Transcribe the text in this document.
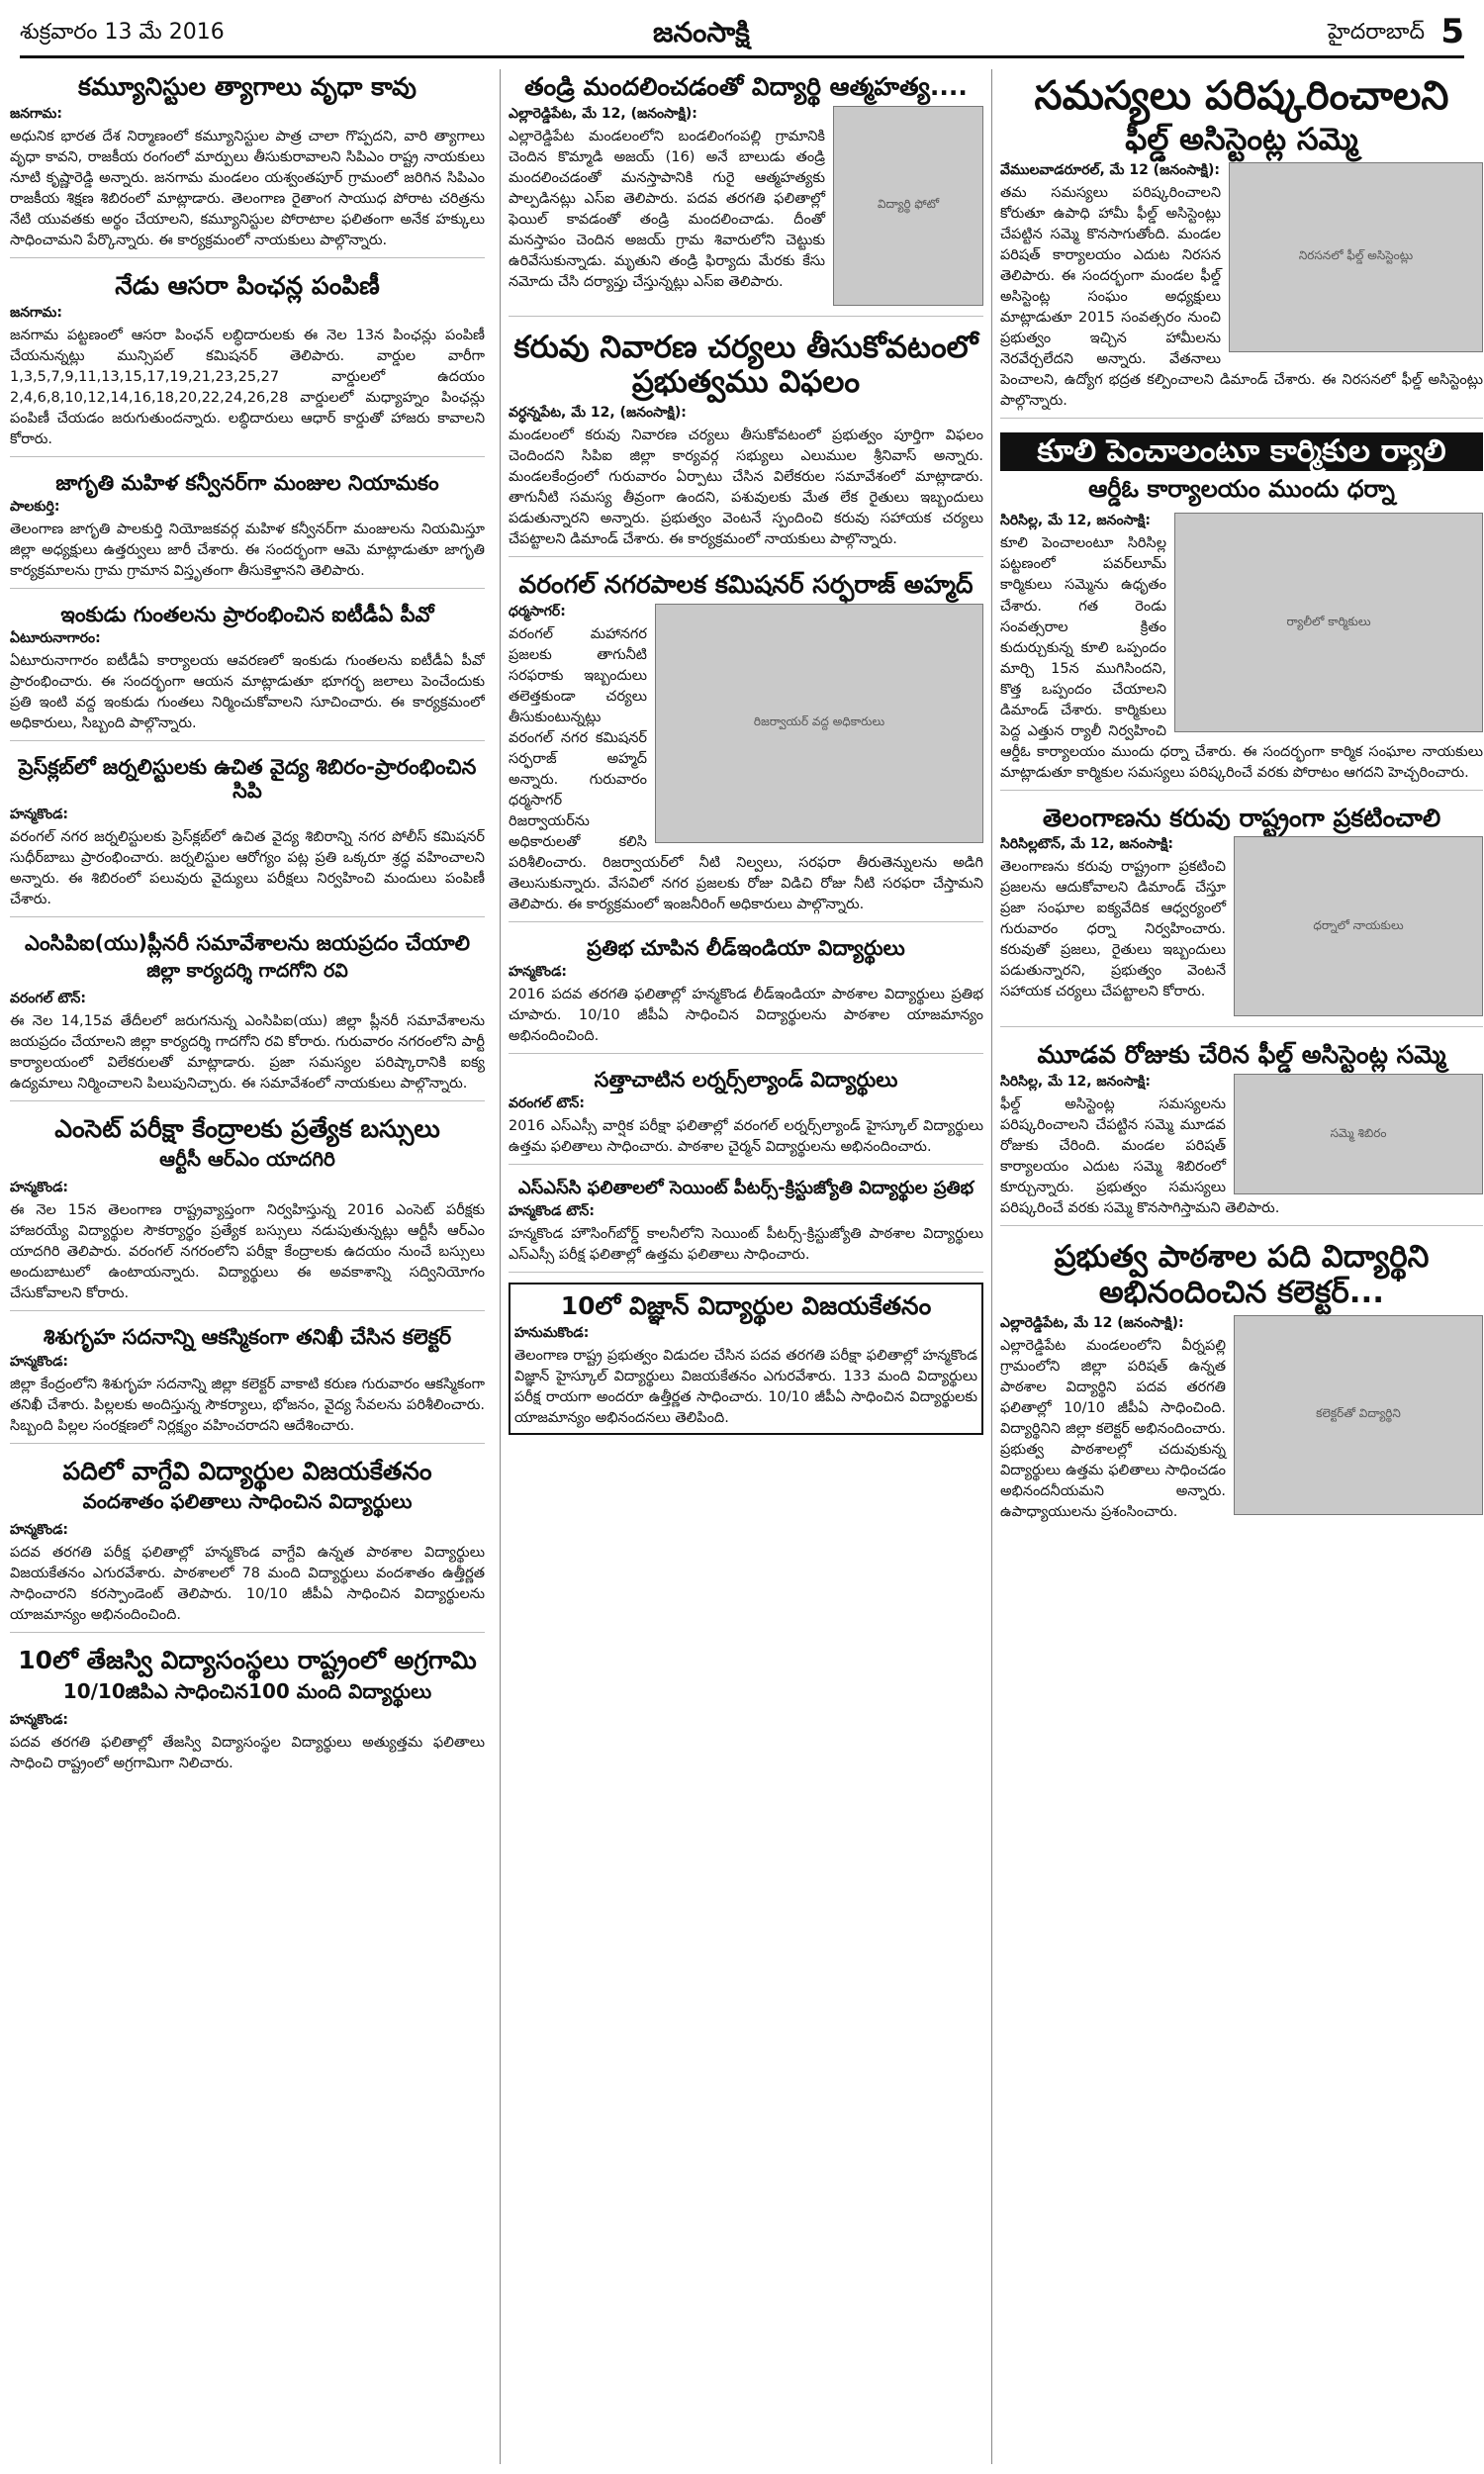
శుక్రవారం 13 మే 2016	జనంసాక్షి	హైదరాబాద్ 5
కమ్యూనిస్టుల త్యాగాలు వృధా కావు

జనగామ:

అధునిక భారత దేశ నిర్మాణంలో కమ్యూనిస్టుల పాత్ర చాలా గొప్పదని, వారి త్యాగాలు వృధా కావని, రాజకీయ రంగంలో మార్పులు తీసుకురావాలని సిపిఎం రాష్ట్ర నాయకులు నూటి కృష్ణారెడ్డి అన్నారు. జనగామ మండలం యశ్వంతపూర్ గ్రామంలో జరిగిన సిపిఎం రాజకీయ శిక్షణ శిబిరంలో మాట్లాడారు. తెలంగాణ రైతాంగ సాయుధ పోరాట చరిత్రను నేటి యువతకు అర్థం చేయాలని, కమ్యూనిస్టుల పోరాటాల ఫలితంగా అనేక హక్కులు సాధించామని పేర్కొన్నారు. ఈ కార్యక్రమంలో నాయకులు పాల్గొన్నారు.

నేడు ఆసరా పింఛన్ల పంపిణీ

జనగామ:

జనగామ పట్టణంలో ఆసరా పింఛన్ లబ్ధిదారులకు ఈ నెల 13న పింఛన్లు పంపిణీ చేయనున్నట్లు మున్సిపల్ కమిషనర్ తెలిపారు. వార్డుల వారీగా 1,3,5,7,9,11,13,15,17,19,21,23,25,27 వార్డులలో ఉదయం 2,4,6,8,10,12,14,16,18,20,22,24,26,28 వార్డులలో మధ్యాహ్నం పింఛన్లు పంపిణీ చేయడం జరుగుతుందన్నారు. లబ్ధిదారులు ఆధార్ కార్డుతో హాజరు కావాలని కోరారు.

జాగృతి మహిళ కన్వీనర్‌గా మంజుల నియామకం

పాలకుర్తి:

తెలంగాణ జాగృతి పాలకుర్తి నియోజకవర్గ మహిళ కన్వీనర్‌గా మంజులను నియమిస్తూ జిల్లా అధ్యక్షులు ఉత్తర్వులు జారీ చేశారు. ఈ సందర్భంగా ఆమె మాట్లాడుతూ జాగృతి కార్యక్రమాలను గ్రామ గ్రామాన విస్తృతంగా తీసుకెళ్తానని తెలిపారు.

ఇంకుడు గుంతలను ప్రారంభించిన ఐటీడీఏ పీవో

ఏటూరునాగారం:

ఏటూరునాగారం ఐటీడీఏ కార్యాలయ ఆవరణలో ఇంకుడు గుంతలను ఐటీడీఏ పీవో ప్రారంభించారు. ఈ సందర్భంగా ఆయన మాట్లాడుతూ భూగర్భ జలాలు పెంచేందుకు ప్రతి ఇంటి వద్ద ఇంకుడు గుంతలు నిర్మించుకోవాలని సూచించారు. ఈ కార్యక్రమంలో అధికారులు, సిబ్బంది పాల్గొన్నారు.

ప్రెస్‌క్లబ్‌లో జర్నలిస్టులకు ఉచిత వైద్య శిబిరం-ప్రారంభించిన సిపి

హన్మకొండ:

వరంగల్ నగర జర్నలిస్టులకు ప్రెస్‌క్లబ్‌లో ఉచిత వైద్య శిబిరాన్ని నగర పోలీస్ కమిషనర్ సుధీర్‌బాబు ప్రారంభించారు. జర్నలిస్టుల ఆరోగ్యం పట్ల ప్రతి ఒక్కరూ శ్రద్ధ వహించాలని అన్నారు. ఈ శిబిరంలో పలువురు వైద్యులు పరీక్షలు నిర్వహించి మందులు పంపిణీ చేశారు.

ఎంసిపిఐ(యు)ప్లీనరీ సమావేశాలను జయప్రదం చేయాలి
జిల్లా కార్యదర్శి గాదగోని రవి

వరంగల్ టౌన్:

ఈ నెల 14,15వ తేదీలలో జరుగనున్న ఎంసిపిఐ(యు) జిల్లా ప్లీనరీ సమావేశాలను జయప్రదం చేయాలని జిల్లా కార్యదర్శి గాదగోని రవి కోరారు. గురువారం నగరంలోని పార్టీ కార్యాలయంలో విలేకరులతో మాట్లాడారు. ప్రజా సమస్యల పరిష్కారానికి ఐక్య ఉద్యమాలు నిర్మించాలని పిలుపునిచ్చారు. ఈ సమావేశంలో నాయకులు పాల్గొన్నారు.

ఎంసెట్ పరీక్షా కేంద్రాలకు ప్రత్యేక బస్సులు
ఆర్టీసీ ఆర్ఎం యాదగిరి

హన్మకొండ:

ఈ నెల 15న తెలంగాణ రాష్ట్రవ్యాప్తంగా నిర్వహిస్తున్న 2016 ఎంసెట్ పరీక్షకు హాజరయ్యే విద్యార్థుల సౌకర్యార్థం ప్రత్యేక బస్సులు నడుపుతున్నట్లు ఆర్టీసీ ఆర్ఎం యాదగిరి తెలిపారు. వరంగల్ నగరంలోని పరీక్షా కేంద్రాలకు ఉదయం నుంచే బస్సులు అందుబాటులో ఉంటాయన్నారు. విద్యార్థులు ఈ అవకాశాన్ని సద్వినియోగం చేసుకోవాలని కోరారు.

శిశుగృహ సదనాన్ని ఆకస్మికంగా తనిఖీ చేసిన కలెక్టర్

హన్మకొండ:

జిల్లా కేంద్రంలోని శిశుగృహ సదనాన్ని జిల్లా కలెక్టర్ వాకాటి కరుణ గురువారం ఆకస్మికంగా తనిఖీ చేశారు. పిల్లలకు అందిస్తున్న సౌకర్యాలు, భోజనం, వైద్య సేవలను పరిశీలించారు. సిబ్బంది పిల్లల సంరక్షణలో నిర్లక్ష్యం వహించరాదని ఆదేశించారు.

పదిలో వాగ్దేవి విద్యార్థుల విజయకేతనం
వందశాతం ఫలితాలు సాధించిన విద్యార్థులు

హన్మకొండ:

పదవ తరగతి పరీక్ష ఫలితాల్లో హన్మకొండ వాగ్దేవి ఉన్నత పాఠశాల విద్యార్థులు విజయకేతనం ఎగురవేశారు. పాఠశాలలో 78 మంది విద్యార్థులు వందశాతం ఉత్తీర్ణత సాధించారని కరస్పాండెంట్ తెలిపారు. 10/10 జీపీఏ సాధించిన విద్యార్థులను యాజమాన్యం అభినందించింది.

10లో తేజస్వి విద్యాసంస్థలు రాష్ట్రంలో అగ్రగామి
10/10జిపిఎ సాధించిన100 మంది విద్యార్థులు

హన్మకొండ:

పదవ తరగతి ఫలితాల్లో తేజస్వి విద్యాసంస్థల విద్యార్థులు అత్యుత్తమ ఫలితాలు సాధించి రాష్ట్రంలో అగ్రగామిగా నిలిచారు.

తండ్రి మందలించడంతో విద్యార్థి ఆత్మహత్య....
విద్యార్థి ఫోటో

ఎల్లారెడ్డిపేట, మే 12, (జనంసాక్షి):

ఎల్లారెడ్డిపేట మండలంలోని బండలింగంపల్లి గ్రామానికి చెందిన కొమ్మాడి అజయ్ (16) అనే బాలుడు తండ్రి మందలించడంతో మనస్తాపానికి గురై ఆత్మహత్యకు పాల్పడినట్లు ఎస్ఐ తెలిపారు. పదవ తరగతి ఫలితాల్లో ఫెయిల్ కావడంతో తండ్రి మందలించాడు. దీంతో మనస్తాపం చెందిన అజయ్ గ్రామ శివారులోని చెట్టుకు ఉరివేసుకున్నాడు. మృతుని తండ్రి ఫిర్యాదు మేరకు కేసు నమోదు చేసి దర్యాప్తు చేస్తున్నట్లు ఎస్ఐ తెలిపారు.

కరువు నివారణ చర్యలు తీసుకోవటంలో ప్రభుత్వము విఫలం

వర్ధన్నపేట, మే 12, (జనంసాక్షి):

మండలంలో కరువు నివారణ చర్యలు తీసుకోవటంలో ప్రభుత్వం పూర్తిగా విఫలం చెందిందని సిపిఐ జిల్లా కార్యవర్గ సభ్యులు ఎలుముల శ్రీనివాస్ అన్నారు. మండలకేంద్రంలో గురువారం ఏర్పాటు చేసిన విలేకరుల సమావేశంలో మాట్లాడారు. తాగునీటి సమస్య తీవ్రంగా ఉందని, పశువులకు మేత లేక రైతులు ఇబ్బందులు పడుతున్నారని అన్నారు. ప్రభుత్వం వెంటనే స్పందించి కరువు సహాయక చర్యలు చేపట్టాలని డిమాండ్ చేశారు. ఈ కార్యక్రమంలో నాయకులు పాల్గొన్నారు.

వరంగల్ నగరపాలక కమిషనర్ సర్ఫరాజ్ అహ్మద్
రిజర్వాయర్ వద్ద అధికారులు

ధర్మసాగర్:

వరంగల్ మహానగర ప్రజలకు తాగునీటి సరఫరాకు ఇబ్బందులు తలెత్తకుండా చర్యలు తీసుకుంటున్నట్లు వరంగల్ నగర కమిషనర్ సర్ఫరాజ్ అహ్మద్ అన్నారు. గురువారం ధర్మసాగర్ రిజర్వాయర్‌ను అధికారులతో కలిసి పరిశీలించారు. రిజర్వాయర్‌లో నీటి నిల్వలు, సరఫరా తీరుతెన్నులను అడిగి తెలుసుకున్నారు. వేసవిలో నగర ప్రజలకు రోజు విడిచి రోజు నీటి సరఫరా చేస్తామని తెలిపారు. ఈ కార్యక్రమంలో ఇంజనీరింగ్ అధికారులు పాల్గొన్నారు.

ప్రతిభ చూపిన లీడ్ఇండియా విద్యార్థులు

హన్మకొండ:

2016 పదవ తరగతి ఫలితాల్లో హన్మకొండ లీడ్ఇండియా పాఠశాల విద్యార్థులు ప్రతిభ చూపారు. 10/10 జీపీఏ సాధించిన విద్యార్థులను పాఠశాల యాజమాన్యం అభినందించింది.

సత్తాచాటిన లర్నర్స్‌ల్యాండ్ విద్యార్థులు

వరంగల్ టౌన్:

2016 ఎస్ఎస్సీ వార్షిక పరీక్షా ఫలితాల్లో వరంగల్ లర్నర్స్‌ల్యాండ్ హైస్కూల్ విద్యార్థులు ఉత్తమ ఫలితాలు సాధించారు. పాఠశాల చైర్మన్ విద్యార్థులను అభినందించారు.

ఎస్ఎస్‌సి ఫలితాలలో సెయింట్ పీటర్స్-క్రిస్టుజ్యోతి విద్యార్థుల ప్రతిభ

హన్మకొండ టౌన్:

హన్మకొండ హౌసింగ్‌బోర్డ్ కాలనీలోని సెయింట్ పీటర్స్-క్రిస్టుజ్యోతి పాఠశాల విద్యార్థులు ఎస్ఎస్సీ పరీక్ష ఫలితాల్లో ఉత్తమ ఫలితాలు సాధించారు.

10లో విజ్ఞాన్ విద్యార్థుల విజయకేతనం

హనుమకొండ:

తెలంగాణ రాష్ట్ర ప్రభుత్వం విడుదల చేసిన పదవ తరగతి పరీక్షా ఫలితాల్లో హన్మకొండ విజ్ఞాన్ హైస్కూల్ విద్యార్థులు విజయకేతనం ఎగురవేశారు. 133 మంది విద్యార్థులు పరీక్ష రాయగా అందరూ ఉత్తీర్ణత సాధించారు. 10/10 జీపీఏ సాధించిన విద్యార్థులకు యాజమాన్యం అభినందనలు తెలిపింది.

సమస్యలు పరిష్కరించాలని
ఫీల్డ్ అసిస్టెంట్ల సమ్మె
నిరసనలో ఫీల్డ్ అసిస్టెంట్లు

వేములవాడరూరల్, మే 12 (జనంసాక్షి):

తమ సమస్యలు పరిష్కరించాలని కోరుతూ ఉపాధి హామీ ఫీల్డ్ అసిస్టెంట్లు చేపట్టిన సమ్మె కొనసాగుతోంది. మండల పరిషత్ కార్యాలయం ఎదుట నిరసన తెలిపారు. ఈ సందర్భంగా మండల ఫీల్డ్ అసిస్టెంట్ల సంఘం అధ్యక్షులు మాట్లాడుతూ 2015 సంవత్సరం నుంచి ప్రభుత్వం ఇచ్చిన హామీలను నెరవేర్చలేదని అన్నారు. వేతనాలు పెంచాలని, ఉద్యోగ భద్రత కల్పించాలని డిమాండ్ చేశారు. ఈ నిరసనలో ఫీల్డ్ అసిస్టెంట్లు పాల్గొన్నారు.

కూలి పెంచాలంటూ కార్మికుల ర్యాలి
ఆర్డీఓ కార్యాలయం ముందు ధర్నా
ర్యాలీలో కార్మికులు

సిరిసిల్ల, మే 12, జనంసాక్షి:

కూలి పెంచాలంటూ సిరిసిల్ల పట్టణంలో పవర్‌లూమ్ కార్మికులు సమ్మెను ఉధృతం చేశారు. గత రెండు సంవత్సరాల క్రితం కుదుర్చుకున్న కూలి ఒప్పందం మార్చి 15న ముగిసిందని, కొత్త ఒప్పందం చేయాలని డిమాండ్ చేశారు. కార్మికులు పెద్ద ఎత్తున ర్యాలీ నిర్వహించి ఆర్డీఓ కార్యాలయం ముందు ధర్నా చేశారు. ఈ సందర్భంగా కార్మిక సంఘాల నాయకులు మాట్లాడుతూ కార్మికుల సమస్యలు పరిష్కరించే వరకు పోరాటం ఆగదని హెచ్చరించారు.

తెలంగాణను కరువు రాష్ట్రంగా ప్రకటించాలి
ధర్నాలో నాయకులు

సిరిసిల్లటౌన్, మే 12, జనంసాక్షి:

తెలంగాణను కరువు రాష్ట్రంగా ప్రకటించి ప్రజలను ఆదుకోవాలని డిమాండ్ చేస్తూ ప్రజా సంఘాల ఐక్యవేదిక ఆధ్వర్యంలో గురువారం ధర్నా నిర్వహించారు. కరువుతో ప్రజలు, రైతులు ఇబ్బందులు పడుతున్నారని, ప్రభుత్వం వెంటనే సహాయక చర్యలు చేపట్టాలని కోరారు.

మూడవ రోజుకు చేరిన ఫీల్డ్ అసిస్టెంట్ల సమ్మె
సమ్మె శిబిరం

సిరిసిల్ల, మే 12, జనంసాక్షి:

ఫీల్డ్ అసిస్టెంట్ల సమస్యలను పరిష్కరించాలని చేపట్టిన సమ్మె మూడవ రోజుకు చేరింది. మండల పరిషత్ కార్యాలయం ఎదుట సమ్మె శిబిరంలో కూర్చున్నారు. ప్రభుత్వం సమస్యలు పరిష్కరించే వరకు సమ్మె కొనసాగిస్తామని తెలిపారు.

ప్రభుత్వ పాఠశాల పది విద్యార్థిని అభినందించిన కలెక్టర్...
కలెక్టర్‌తో విద్యార్థిని

ఎల్లారెడ్డిపేట, మే 12 (జనంసాక్షి):

ఎల్లారెడ్డిపేట మండలంలోని వీర్నపల్లి గ్రామంలోని జిల్లా పరిషత్ ఉన్నత పాఠశాల విద్యార్థిని పదవ తరగతి ఫలితాల్లో 10/10 జీపీఏ సాధించింది. విద్యార్థినిని జిల్లా కలెక్టర్ అభినందించారు. ప్రభుత్వ పాఠశాలల్లో చదువుకున్న విద్యార్థులు ఉత్తమ ఫలితాలు సాధించడం అభినందనీయమని అన్నారు. ఉపాధ్యాయులను ప్రశంసించారు.
